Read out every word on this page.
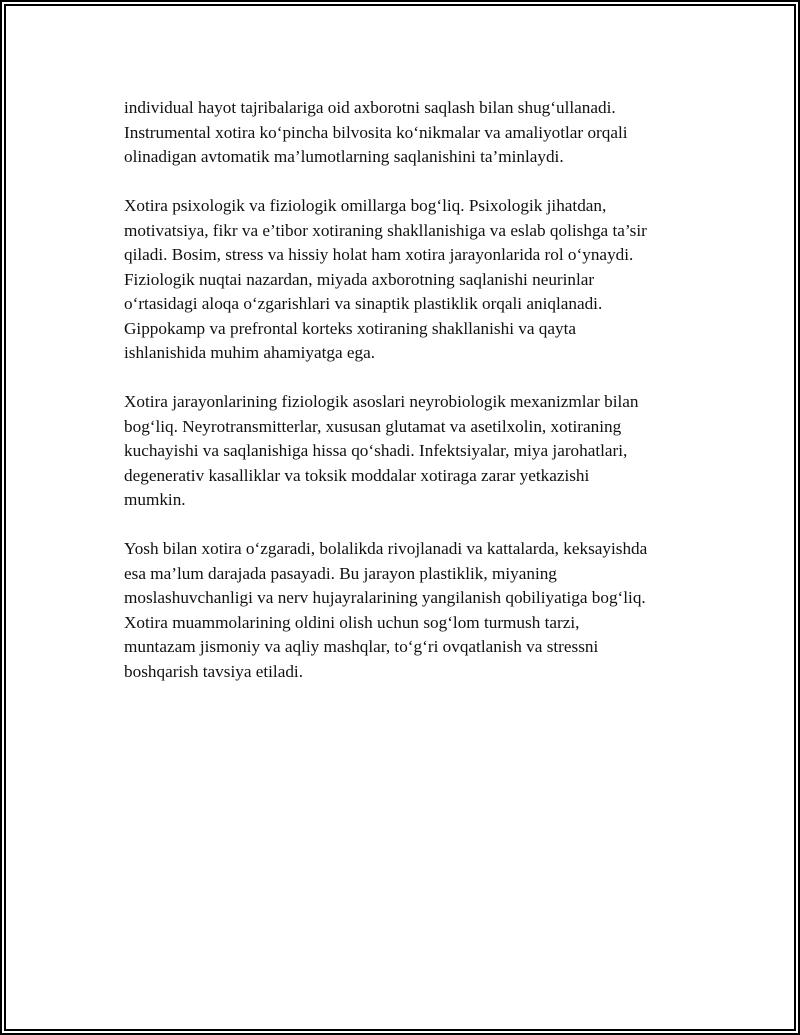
individual hayot tajribalariga oid axborotni saqlash bilan shug‘ullanadi.
Instrumental xotira ko‘pincha bilvosita ko‘nikmalar va amaliyotlar orqali
olinadigan avtomatik ma’lumotlarning saqlanishini ta’minlaydi.

Xotira psixologik va fiziologik omillarga bog‘liq. Psixologik jihatdan,
motivatsiya, fikr va e’tibor xotiraning shakllanishiga va eslab qolishga ta’sir
qiladi. Bosim, stress va hissiy holat ham xotira jarayonlarida rol o‘ynaydi.
Fiziologik nuqtai nazardan, miyada axborotning saqlanishi neurinlar
o‘rtasidagi aloqa o‘zgarishlari va sinaptik plastiklik orqali aniqlanadi.
Gippokamp va prefrontal korteks xotiraning shakllanishi va qayta
ishlanishida muhim ahamiyatga ega.

Xotira jarayonlarining fiziologik asoslari neyrobiologik mexanizmlar bilan
bog‘liq. Neyrotransmitterlar, xususan glutamat va asetilxolin, xotiraning
kuchayishi va saqlanishiga hissa qo‘shadi. Infektsiyalar, miya jarohatlari,
degenerativ kasalliklar va toksik moddalar xotiraga zarar yetkazishi
mumkin.

Yosh bilan xotira o‘zgaradi, bolalikda rivojlanadi va kattalarda, keksayishda
esa ma’lum darajada pasayadi. Bu jarayon plastiklik, miyaning
moslashuvchanligi va nerv hujayralarining yangilanish qobiliyatiga bog‘liq.
Xotira muammolarining oldini olish uchun sog‘lom turmush tarzi,
muntazam jismoniy va aqliy mashqlar, to‘g‘ri ovqatlanish va stressni
boshqarish tavsiya etiladi.
